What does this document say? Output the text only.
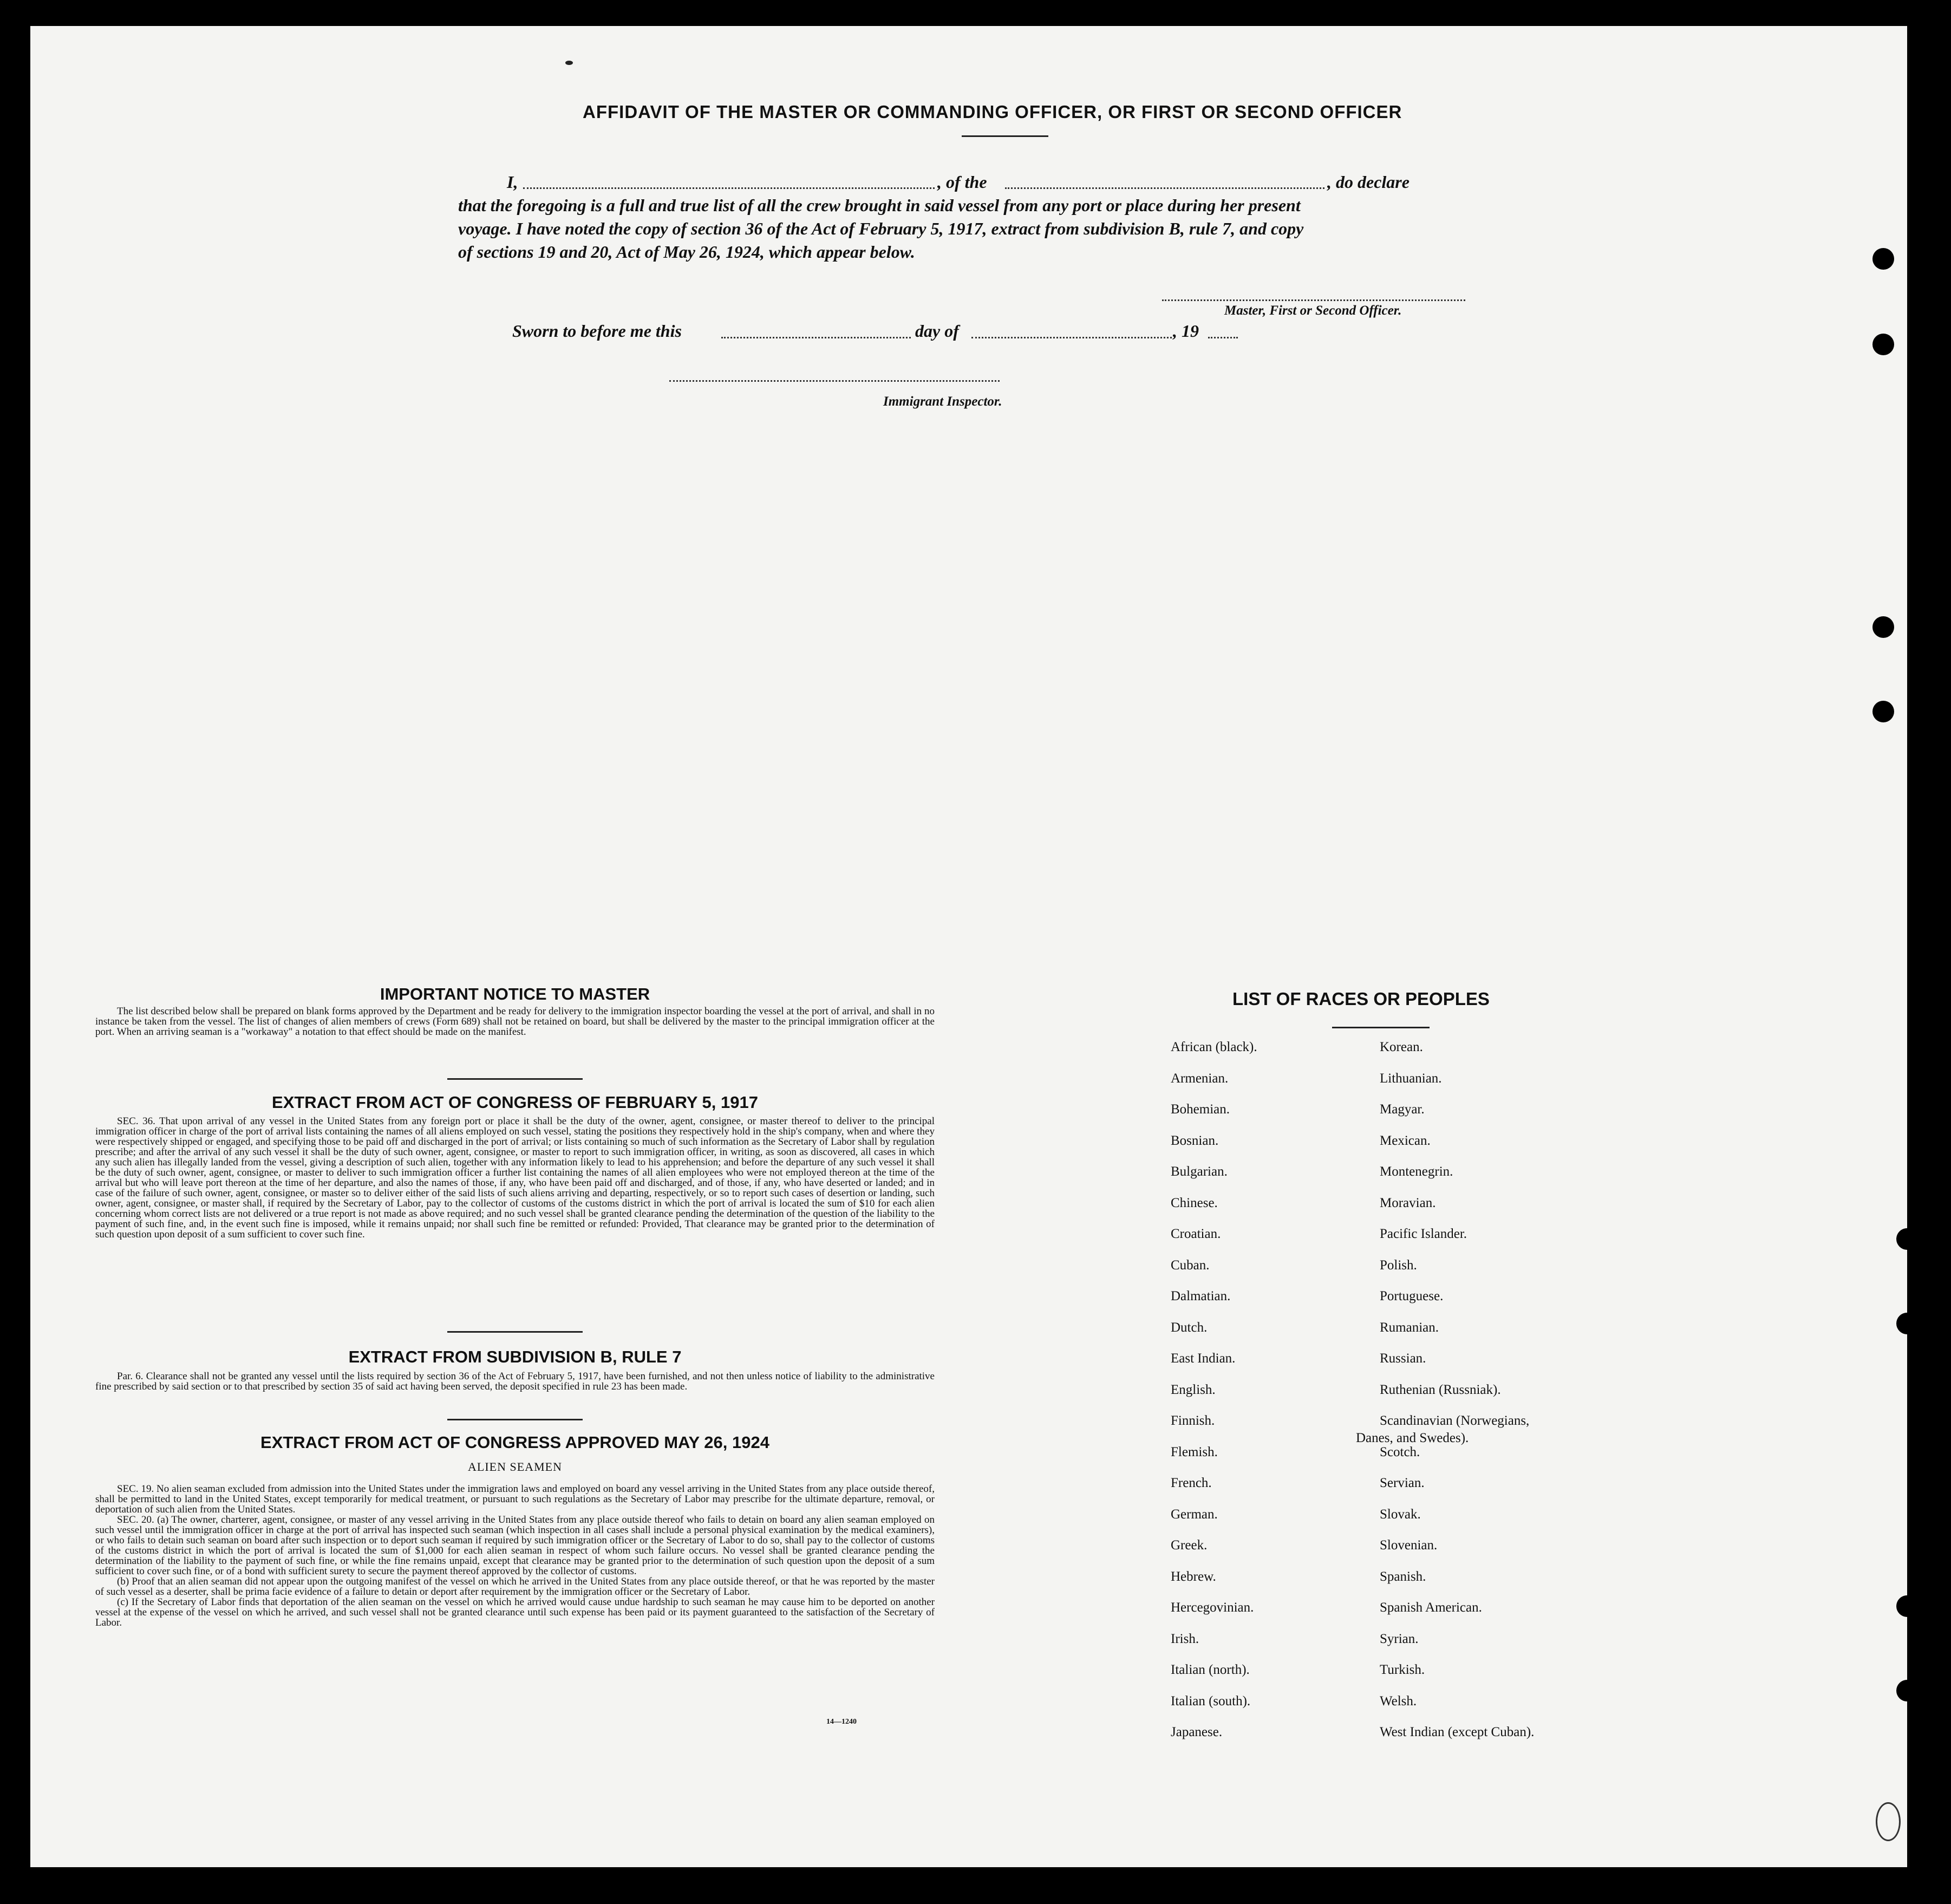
AFFIDAVIT OF THE MASTER OR COMMANDING OFFICER, OR FIRST OR SECOND OFFICER
I,	, of the	, do declare
that the foregoing is a full and true list of all the crew brought in said vessel from any port or place during her present
voyage. I have noted the copy of section 36 of the Act of February 5, 1917, extract from subdivision B, rule 7, and copy
of sections 19 and 20, Act of May 26, 1924, which appear below.
Master, First or Second Officer.
Sworn to before me this	day of	, 19
Immigrant Inspector.
IMPORTANT NOTICE TO MASTER

The list described below shall be prepared on blank forms approved by the Department and be ready for delivery to the immigration inspector boarding the vessel at the port of arrival, and shall in no instance be taken from the vessel. The list of changes of alien members of crews (Form 689) shall not be retained on board, but shall be delivered by the master to the principal immigration officer at the port. When an arriving seaman is a "workaway" a notation to that effect should be made on the manifest.

EXTRACT FROM ACT OF CONGRESS OF FEBRUARY 5, 1917

SEC. 36. That upon arrival of any vessel in the United States from any foreign port or place it shall be the duty of the owner, agent, consignee, or master thereof to deliver to the principal immigration officer in charge of the port of arrival lists containing the names of all aliens employed on such vessel, stating the positions they respectively hold in the ship's company, when and where they were respectively shipped or engaged, and specifying those to be paid off and discharged in the port of arrival; or lists containing so much of such information as the Secretary of Labor shall by regulation prescribe; and after the arrival of any such vessel it shall be the duty of such owner, agent, consignee, or master to report to such immigration officer, in writing, as soon as discovered, all cases in which any such alien has illegally landed from the vessel, giving a description of such alien, together with any information likely to lead to his apprehension; and before the departure of any such vessel it shall be the duty of such owner, agent, consignee, or master to deliver to such immigration officer a further list containing the names of all alien employees who were not employed thereon at the time of the arrival but who will leave port thereon at the time of her departure, and also the names of those, if any, who have been paid off and discharged, and of those, if any, who have deserted or landed; and in case of the failure of such owner, agent, consignee, or master so to deliver either of the said lists of such aliens arriving and departing, respectively, or so to report such cases of desertion or landing, such owner, agent, consignee, or master shall, if required by the Secretary of Labor, pay to the collector of customs of the customs district in which the port of arrival is located the sum of $10 for each alien concerning whom correct lists are not delivered or a true report is not made as above required; and no such vessel shall be granted clearance pending the determination of the question of the liability to the payment of such fine, and, in the event such fine is imposed, while it remains unpaid; nor shall such fine be remitted or refunded: Provided, That clearance may be granted prior to the determination of such question upon deposit of a sum sufficient to cover such fine.

EXTRACT FROM SUBDIVISION B, RULE 7

Par. 6. Clearance shall not be granted any vessel until the lists required by section 36 of the Act of February 5, 1917, have been furnished, and not then unless notice of liability to the administrative fine prescribed by said section or to that prescribed by section 35 of said act having been served, the deposit specified in rule 23 has been made.

EXTRACT FROM ACT OF CONGRESS APPROVED MAY 26, 1924
ALIEN SEAMEN

SEC. 19. No alien seaman excluded from admission into the United States under the immigration laws and employed on board any vessel arriving in the United States from any place outside thereof, shall be permitted to land in the United States, except temporarily for medical treatment, or pursuant to such regulations as the Secretary of Labor may prescribe for the ultimate departure, removal, or deportation of such alien from the United States.

SEC. 20. (a) The owner, charterer, agent, consignee, or master of any vessel arriving in the United States from any place outside thereof who fails to detain on board any alien seaman employed on such vessel until the immigration officer in charge at the port of arrival has inspected such seaman (which inspection in all cases shall include a personal physical examination by the medical examiners), or who fails to detain such seaman on board after such inspection or to deport such seaman if required by such immigration officer or the Secretary of Labor to do so, shall pay to the collector of customs of the customs district in which the port of arrival is located the sum of $1,000 for each alien seaman in respect of whom such failure occurs. No vessel shall be granted clearance pending the determination of the liability to the payment of such fine, or while the fine remains unpaid, except that clearance may be granted prior to the determination of such question upon the deposit of a sum sufficient to cover such fine, or of a bond with sufficient surety to secure the payment thereof approved by the collector of customs.

(b) Proof that an alien seaman did not appear upon the outgoing manifest of the vessel on which he arrived in the United States from any place outside thereof, or that he was reported by the master of such vessel as a deserter, shall be prima facie evidence of a failure to detain or deport after requirement by the immigration officer or the Secretary of Labor.

(c) If the Secretary of Labor finds that deportation of the alien seaman on the vessel on which he arrived would cause undue hardship to such seaman he may cause him to be deported on another vessel at the expense of the vessel on which he arrived, and such vessel shall not be granted clearance until such expense has been paid or its payment guaranteed to the satisfaction of the Secretary of Labor.

14—1240
LIST OF RACES OR PEOPLES
African (black).
Armenian.
Bohemian.
Bosnian.
Bulgarian.
Chinese.
Croatian.
Cuban.
Dalmatian.
Dutch.
East Indian.
English.
Finnish.
Flemish.
French.
German.
Greek.
Hebrew.
Hercegovinian.
Irish.
Italian (north).
Italian (south).
Japanese.
Korean.
Lithuanian.
Magyar.
Mexican.
Montenegrin.
Moravian.
Pacific Islander.
Polish.
Portuguese.
Rumanian.
Russian.
Ruthenian (Russniak).
Scandinavian (Norwegians,
Scotch.
Servian.
Slovak.
Slovenian.
Spanish.
Spanish American.
Syrian.
Turkish.
Welsh.
West Indian (except Cuban).
Danes, and Swedes).
